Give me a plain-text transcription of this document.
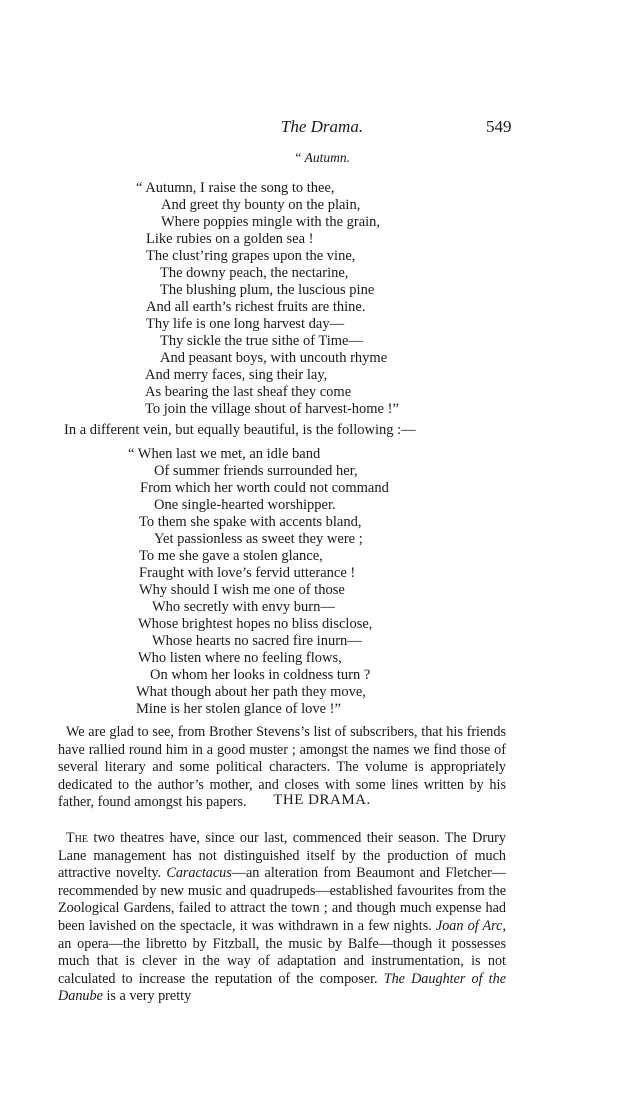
The Drama.	549
“ Autumn.
“ Autumn, I raise the song to thee,
And greet thy bounty on the plain,
Where poppies mingle with the grain,
Like rubies on a golden sea !
The clust’ring grapes upon the vine,
The downy peach, the nectarine,
The blushing plum, the luscious pine
And all earth’s richest fruits are thine.
Thy life is one long harvest day—
Thy sickle the true sithe of Time—
And peasant boys, with uncouth rhyme
And merry faces, sing their lay,
As bearing the last sheaf they come
To join the village shout of harvest-home !”
In a different vein, but equally beautiful, is the following :—
“ When last we met, an idle band
Of summer friends surrounded her,
From which her worth could not command
One single-hearted worshipper.
To them she spake with accents bland,
Yet passionless as sweet they were ;
To me she gave a stolen glance,
Fraught with love’s fervid utterance !
Why should I wish me one of those
Who secretly with envy burn—
Whose brightest hopes no bliss disclose,
Whose hearts no sacred fire inurn—
Who listen where no feeling flows,
On whom her looks in coldness turn ?
What though about her path they move,
Mine is her stolen glance of love !”

We are glad to see, from Brother Stevens’s list of subscribers, that his friends have rallied round him in a good muster ; amongst the names we find those of several literary and some political characters. The volume is appropriately dedicated to the author’s mother, and closes with some lines written by his father, found amongst his papers.	THE DRAMA.

The two theatres have, since our last, commenced their season. The Drury Lane management has not distinguished itself by the production of much attractive novelty. Caractacus—an alteration from Beaumont and Fletcher—recommended by new music and quadrupeds—established favourites from the Zoological Gardens, failed to attract the town ; and though much expense had been lavished on the spectacle, it was withdrawn in a few nights. Joan of Arc, an opera—the libretto by Fitzball, the music by Balfe—though it possesses much that is clever in the way of adaptation and instrumentation, is not calculated to increase the reputation of the composer. The Daughter of the Danube is a very pretty
